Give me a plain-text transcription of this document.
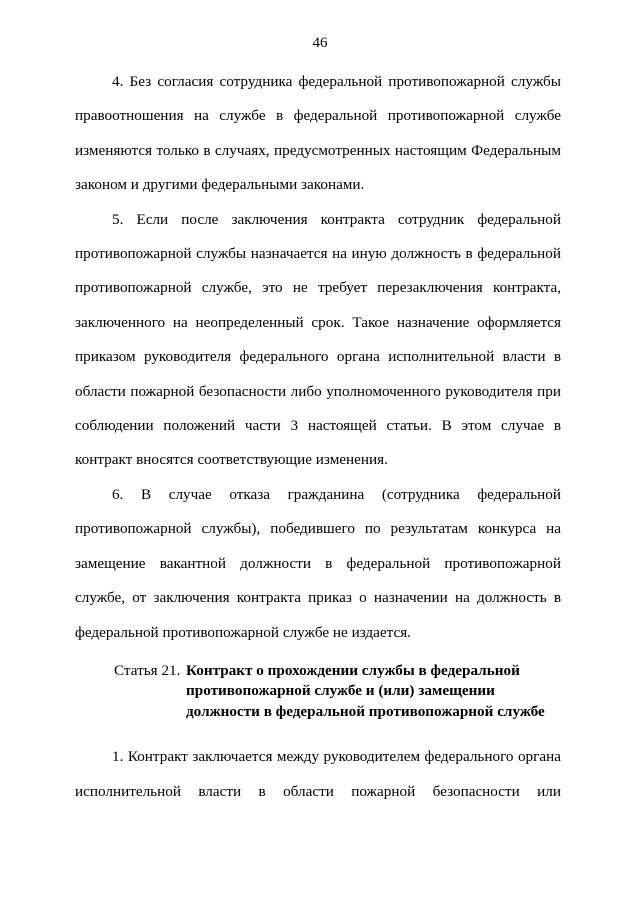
46

4. Без согласия сотрудника федеральной противопожарной службы правоотношения на службе в федеральной противопожарной службе изменяются только в случаях, предусмотренных настоящим Федеральным законом и другими федеральными законами.

5. Если после заключения контракта сотрудник федеральной противопожарной службы назначается на иную должность в федеральной противопожарной службе, это не требует перезаключения контракта, заключенного на неопределенный срок. Такое назначение оформляется приказом руководителя федерального органа исполнительной власти в области пожарной безопасности либо уполномоченного руководителя при соблюдении положений части 3 настоящей статьи. В этом случае в контракт вносятся соответствующие изменения.

6. В случае отказа гражданина (сотрудника федеральной противопожарной службы), победившего по результатам конкурса на замещение вакантной должности в федеральной противопожарной службе, от заключения контракта приказ о назначении на должность в федеральной противопожарной службе не издается.

Статья 21. Контракт о прохождении службы в федеральной противопожарной службе и (или) замещении должности в федеральной противопожарной службе

1. Контракт заключается между руководителем федерального органа исполнительной власти в области пожарной безопасности или
